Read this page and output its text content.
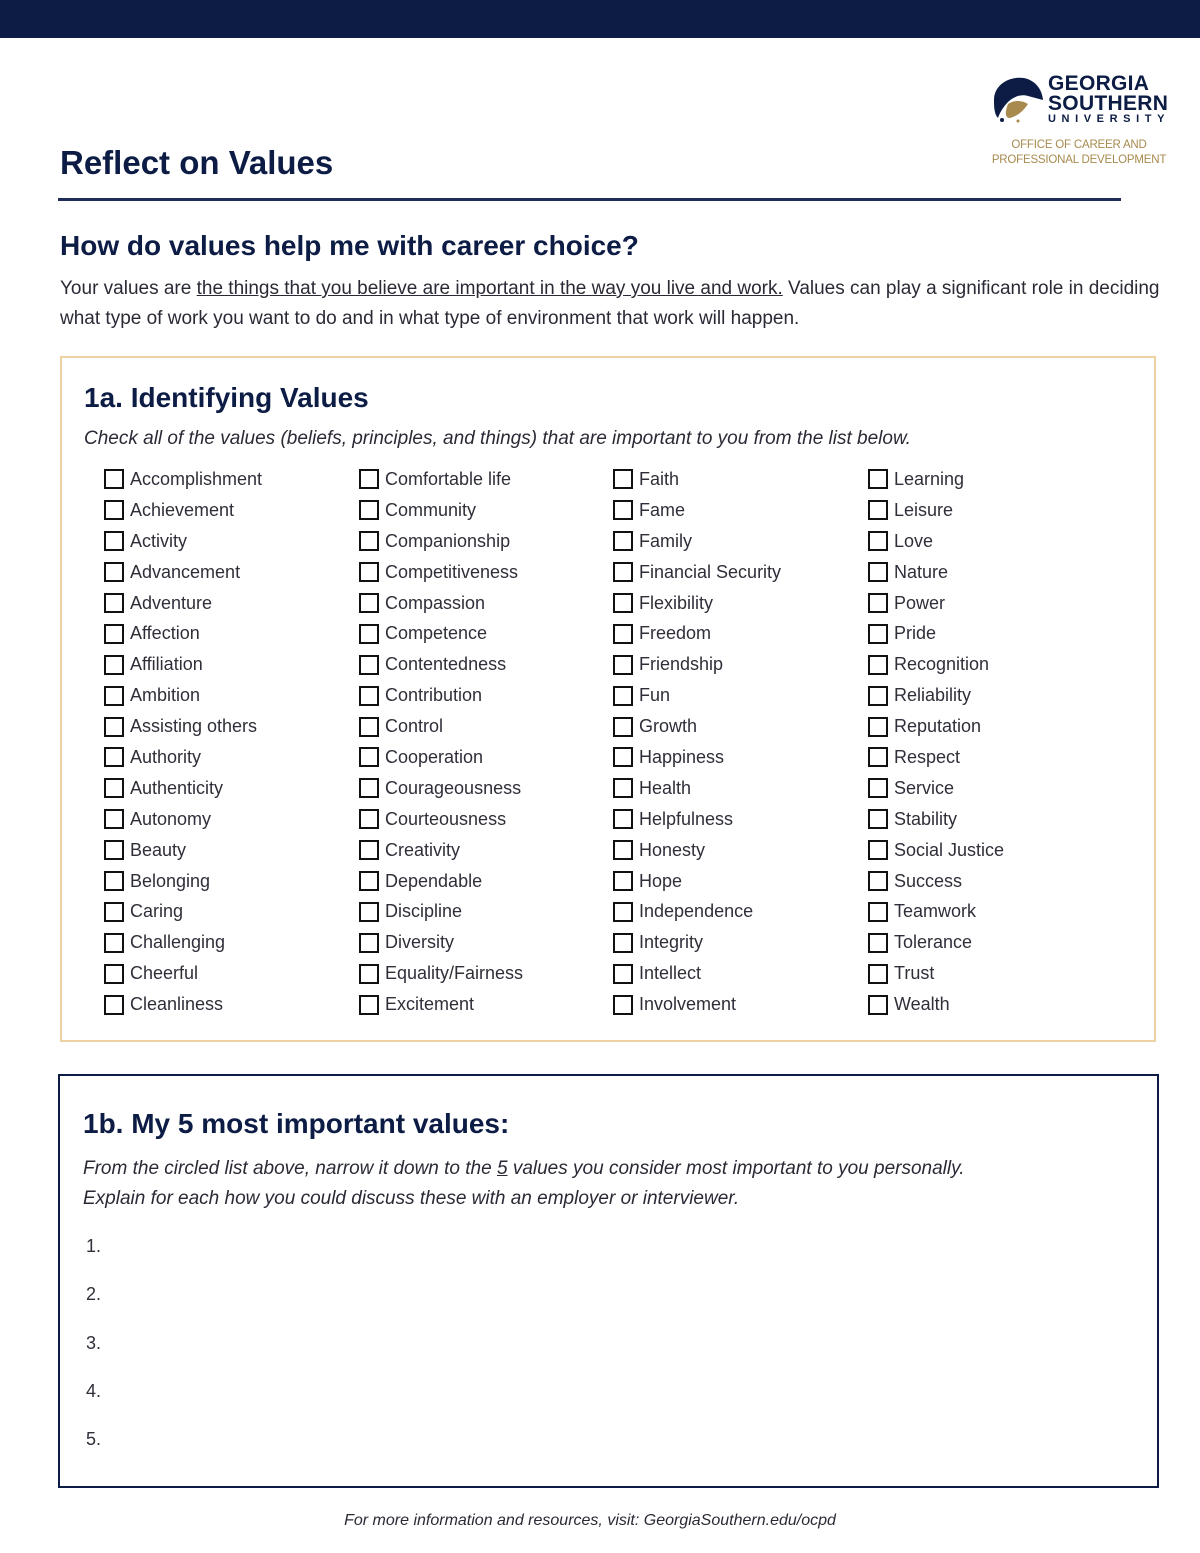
GEORGIA
SOUTHERN
UNIVERSITY
OFFICE OF CAREER AND
PROFESSIONAL DEVELOPMENT
Reflect on Values
How do values help me with career choice?

Your values are the things that you believe are important in the way you live and work. Values can play a significant role in deciding what type of work you want to do and in what type of environment that work will happen.

1a. Identifying Values

Check all of the values (beliefs, principles, and things) that are important to you from the list below.

Accomplishment
Achievement
Activity
Advancement
Adventure
Affection
Affiliation
Ambition
Assisting others
Authority
Authenticity
Autonomy
Beauty
Belonging
Caring
Challenging
Cheerful
Cleanliness
Comfortable life
Community
Companionship
Competitiveness
Compassion
Competence
Contentedness
Contribution
Control
Cooperation
Courageousness
Courteousness
Creativity
Dependable
Discipline
Diversity
Equality/Fairness
Excitement
Faith
Fame
Family
Financial Security
Flexibility
Freedom
Friendship
Fun
Growth
Happiness
Health
Helpfulness
Honesty
Hope
Independence
Integrity
Intellect
Involvement
Learning
Leisure
Love
Nature
Power
Pride
Recognition
Reliability
Reputation
Respect
Service
Stability
Social Justice
Success
Teamwork
Tolerance
Trust
Wealth
1b. My 5 most important values:

From the circled list above, narrow it down to the 5 values you consider most important to you personally.
Explain for each how you could discuss these with an employer or interviewer.

1.
2.
3.
4.
5.
For more information and resources, visit: GeorgiaSouthern.edu/ocpd
